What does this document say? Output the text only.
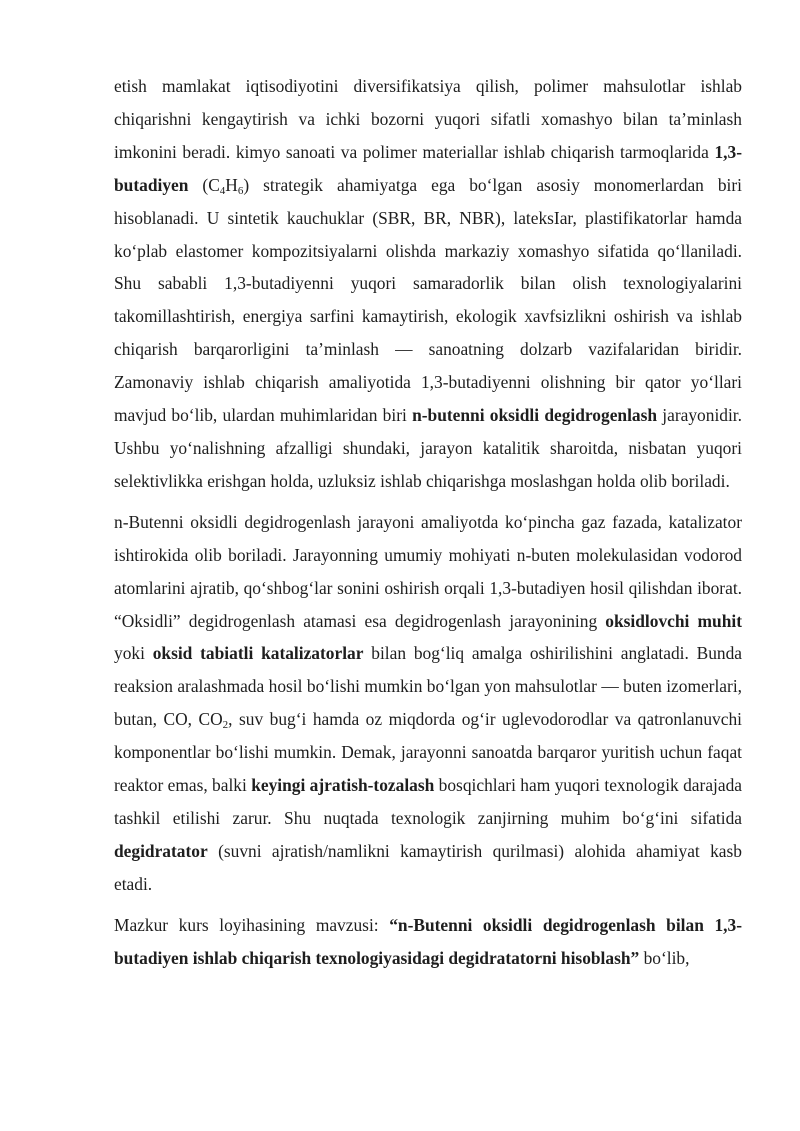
etish mamlakat iqtisodiyotini diversifikatsiya qilish, polimer mahsulotlar ishlab chiqarishni kengaytirish va ichki bozorni yuqori sifatli xomashyo bilan ta’minlash imkonini beradi. kimyo sanoati va polimer materiallar ishlab chiqarish tarmoqlarida 1,3-butadiyen $(C_4H_6)$ strategik ahamiyatga ega bo‘lgan asosiy monomerlardan biri hisoblanadi. U sintetik kauchuklar (SBR, BR, NBR), lateksIar, plastifikatorlar hamda ko‘plab elastomer kompozitsiyalarni olishda markaziy xomashyo sifatida qo‘llaniladi. Shu sababli 1,3-butadiyenni yuqori samaradorlik bilan olish texnologiyalarini takomillashtirish, energiya sarfini kamaytirish, ekologik xavfsizlikni oshirish va ishlab chiqarish barqarorligini ta’minlash — sanoatning dolzarb vazifalaridan biridir. Zamonaviy ishlab chiqarish amaliyotida 1,3-butadiyenni olishning bir qator yo‘llari mavjud bo‘lib, ulardan muhimlaridan biri n-butenni oksidli degidrogenlash jarayonidir. Ushbu yo‘nalishning afzalligi shundaki, jarayon katalitik sharoitda, nisbatan yuqori selektivlikka erishgan holda, uzluksiz ishlab chiqarishga moslashgan holda olib boriladi.

n-Butenni oksidli degidrogenlash jarayoni amaliyotda ko‘pincha gaz fazada, katalizator ishtirokida olib boriladi. Jarayonning umumiy mohiyati n-buten molekulasidan vodorod atomlarini ajratib, qo‘shbog‘lar sonini oshirish orqali 1,3-butadiyen hosil qilishdan iborat. “Oksidli” degidrogenlash atamasi esa degidrogenlash jarayonining oksidlovchi muhit yoki oksid tabiatli katalizatorlar bilan bog‘liq amalga oshirilishini anglatadi. Bunda reaksion aralashmada hosil bo‘lishi mumkin bo‘lgan yon mahsulotlar — buten izomerlari, butan, CO, $CO_2$, suv bug‘i hamda oz miqdorda og‘ir uglevodorodlar va qatronlanuvchi komponentlar bo‘lishi mumkin. Demak, jarayonni sanoatda barqaror yuritish uchun faqat reaktor emas, balki keyingi ajratish-tozalash bosqichlari ham yuqori texnologik darajada tashkil etilishi zarur. Shu nuqtada texnologik zanjirning muhim bo‘g‘ini sifatida degidratator (suvni ajratish/namlikni kamaytirish qurilmasi) alohida ahamiyat kasb etadi.

Mazkur kurs loyihasining mavzusi: “n-Butenni oksidli degidrogenlash bilan 1,3-butadiyen ishlab chiqarish texnologiyasidagi degidratatorni hisoblash” bo‘lib,
